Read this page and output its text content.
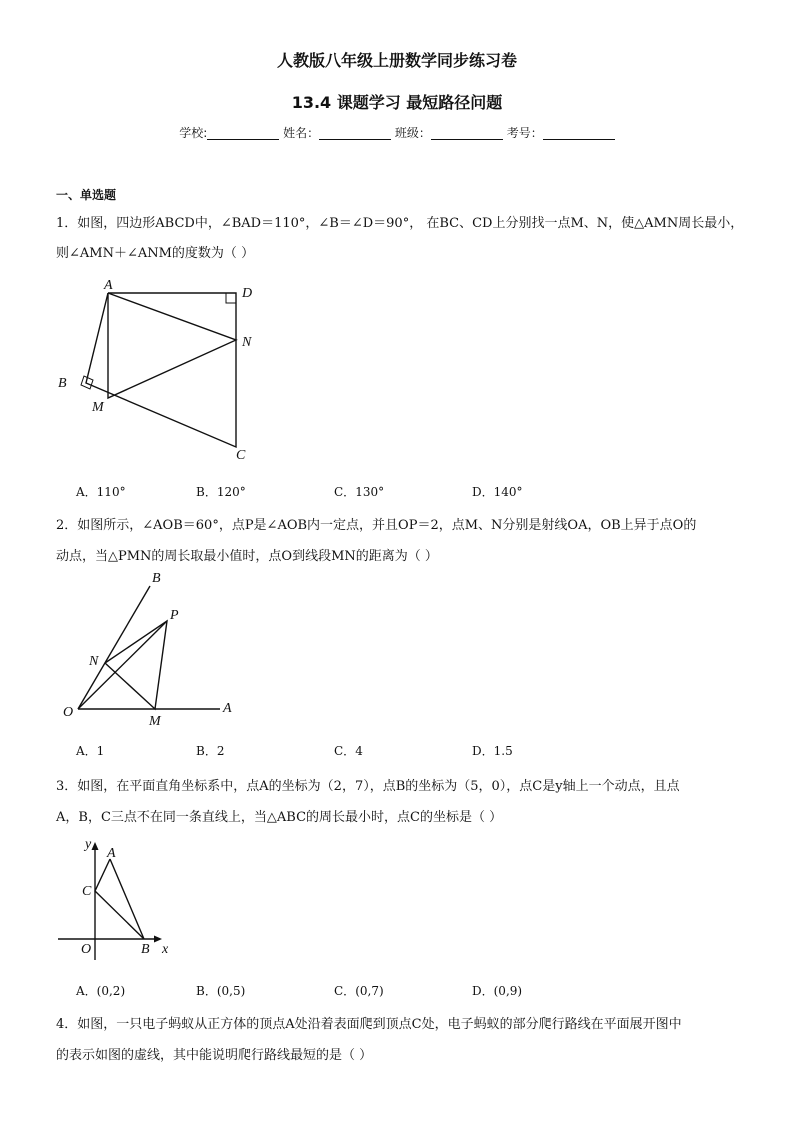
人教版八年级上册数学同步练习卷
13.4 课题学习 最短路径问题
学校:	姓名：	班级：	考号：
一、单选题
1．如图，四边形ABCD中，∠BAD＝110°，∠B＝∠D＝90°， 在BC、CD上分别找一点M、N，使△AMN周长最小，
则∠AMN＋∠ANM的度数为（ ）
A
D
N
B
M
C
A．110°	B．120°	C．130°	D．140°
2．如图所示，∠AOB＝60°，点P是∠AOB内一定点，并且OP＝2，点M、N分别是射线OA，OB上异于点O的
动点，当△PMN的周长取最小值时，点O到线段MN的距离为（ ）
B
P
N
O
M
A
A．1	B．2	C．4	D．1.5
3．如图，在平面直角坐标系中，点A的坐标为（2，7），点B的坐标为（5，0），点C是y轴上一个动点，且点
A，B，C三点不在同一条直线上，当△ABC的周长最小时，点C的坐标是（ ）
y
A
C
O	B x
A．(0,2)	B．(0,5)	C．(0,7)	D．(0,9)
4．如图，一只电子蚂蚁从正方体的顶点A处沿着表面爬到顶点C处，电子蚂蚁的部分爬行路线在平面展开图中
的表示如图的虚线，其中能说明爬行路线最短的是（ ）
